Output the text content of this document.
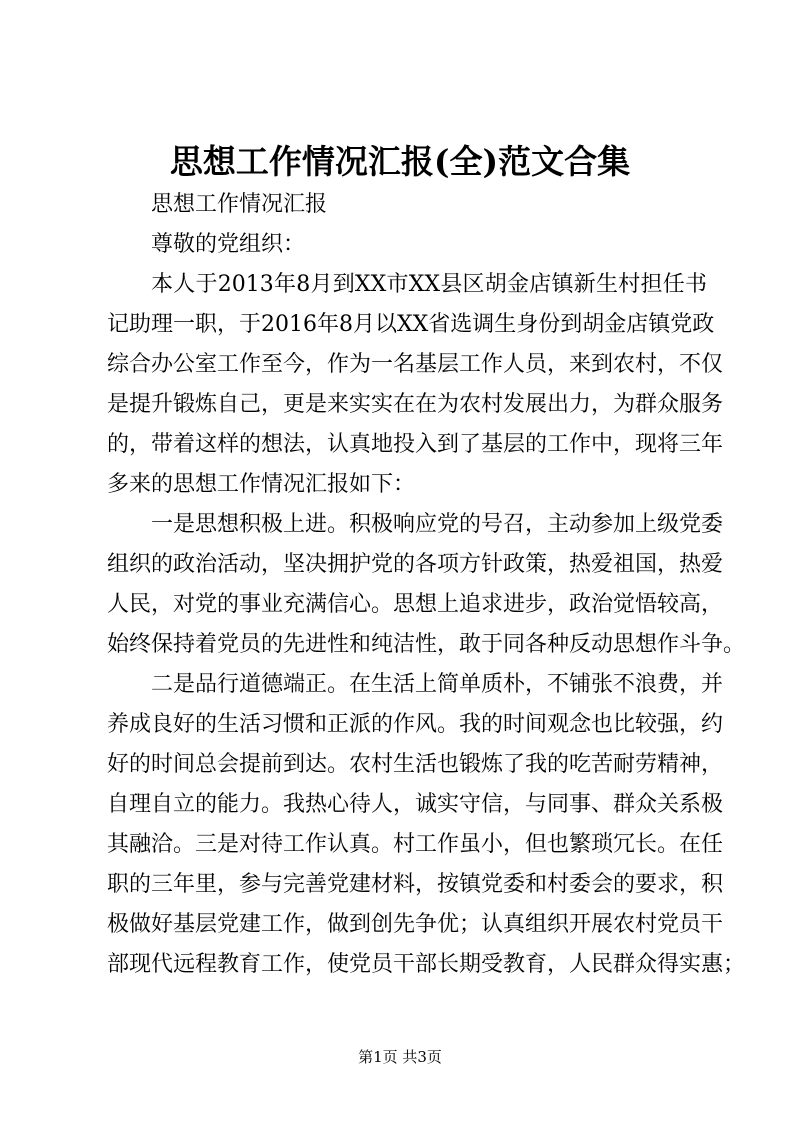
思想工作情况汇报(全)范文合集
思想工作情况汇报
尊敬的党组织：
本人于2013年8月到XX市XX县区胡金店镇新生村担任书
记助理一职，于2016年8月以XX省选调生身份到胡金店镇党政
综合办公室工作至今，作为一名基层工作人员，来到农村，不仅
是提升锻炼自己，更是来实实在在为农村发展出力，为群众服务
的，带着这样的想法，认真地投入到了基层的工作中，现将三年
多来的思想工作情况汇报如下：
一是思想积极上进。积极响应党的号召，主动参加上级党委
组织的政治活动，坚决拥护党的各项方针政策，热爱祖国，热爱
人民，对党的事业充满信心。思想上追求进步，政治觉悟较高，
始终保持着党员的先进性和纯洁性，敢于同各种反动思想作斗争。
二是品行道德端正。在生活上简单质朴，不铺张不浪费，并
养成良好的生活习惯和正派的作风。我的时间观念也比较强，约
好的时间总会提前到达。农村生活也锻炼了我的吃苦耐劳精神，
自理自立的能力。我热心待人，诚实守信，与同事、群众关系极
其融洽。三是对待工作认真。村工作虽小，但也繁琐冗长。在任
职的三年里，参与完善党建材料，按镇党委和村委会的要求，积
极做好基层党建工作，做到创先争优；认真组织开展农村党员干
部现代远程教育工作，使党员干部长期受教育，人民群众得实惠；
第1页 共3页
